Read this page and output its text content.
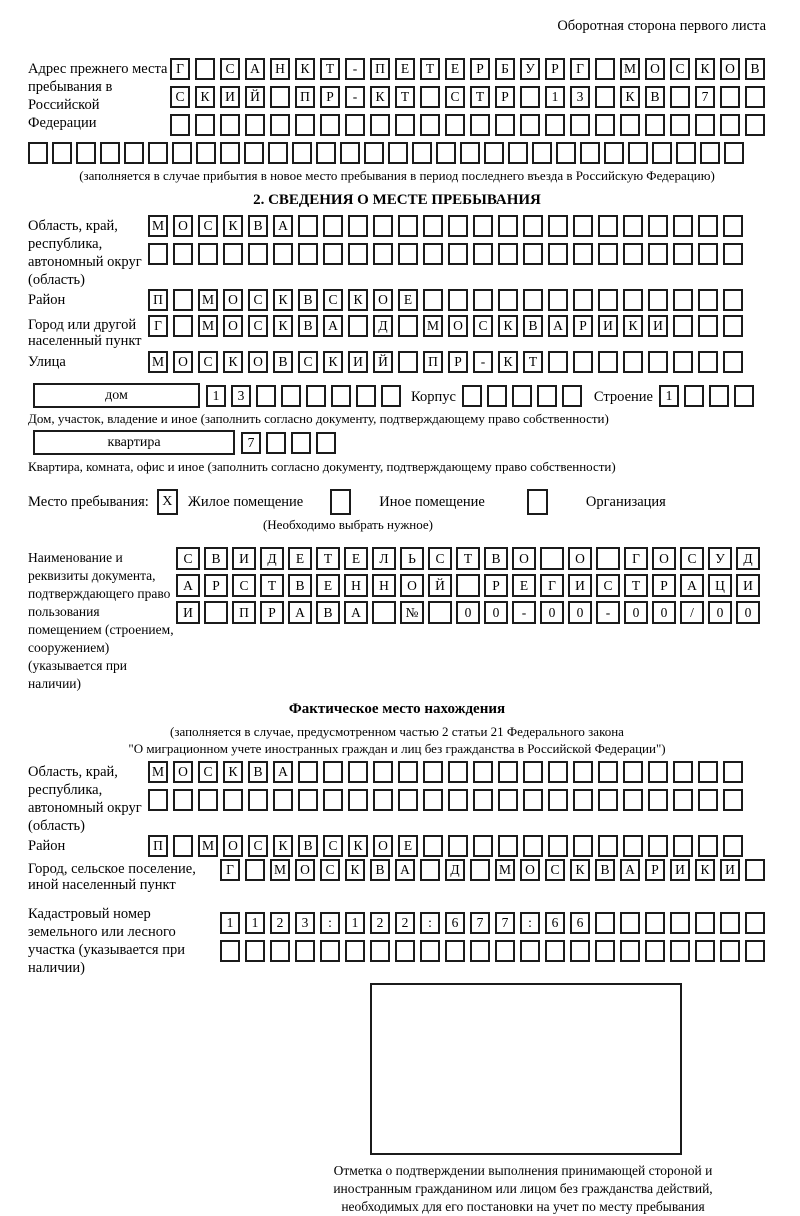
Оборотная сторона первого листа
Адрес прежнего места пребывания в Российской Федерации
Г	С	А	Н	К	Т	-	П	Е	Т	Е	Р	Б	У	Р	Г	М	О	С	К	О	В
С	К	И	Й	П	Р	-	К	Т	С	Т	Р	1	3	К	В	7
(заполняется в случае прибытия в новое место пребывания в период последнего въезда в Российскую Федерацию)
2. СВЕДЕНИЯ О МЕСТЕ ПРЕБЫВАНИЯ
Область, край, республика, автономный округ (область)
М	О	С	К	В	А
Район	П	М	О	С	К	В	С	К	О	Е
Город или другой населенный пункт
Г	М	О	С	К	В	А	Д	М	О	С	К	В	А	Р	И	К	И
Улица	М	О	С	К	О	В	С	К	И	Й	П	Р	-	К	Т
дом	1	3	Корпус	Строение 1
Дом, участок, владение и иное (заполнить согласно документу, подтверждающему право собственности)
квартира	7
Квартира, комната, офис и иное (заполнить согласно документу, подтверждающему право собственности)
Место пребывания: X	Жилое помещение	Иное помещение	Организация
(Необходимо выбрать нужное)
Наименование и реквизиты документа, подтверждающего право пользования помещением (строением, сооружением) (указывается при наличии)
С	В	И	Д	Е	Т	Е	Л	Ь	С	Т	В	О	О	Г	О	С	У	Д
А	Р	С	Т	В	Е	Н	Н	О	Й	Р	Е	Г	И	С	Т	Р	А	Ц	И
И	П	Р	А	В	А	№	0	0	-	0	0	-	0	0	/	0	0
Фактическое место нахождения
(заполняется в случае, предусмотренном частью 2 статьи 21 Федерального закона
"О миграционном учете иностранных граждан и лиц без гражданства в Российской Федерации")
Область, край, республика, автономный округ (область)
М	О	С	К	В	А
Район	П	М	О	С	К	В	С	К	О	Е
Город, сельское поселение, иной населенный пункт
Г	М	О	С	К	В	А	Д	М	О	С	К	В	А	Р	И	К	И
Кадастровый номер земельного или лесного участка (указывается при наличии)
1	1	2	3	:	1	2	2	:	6	7	7	:	6	6
Отметка о подтверждении выполнения принимающей стороной и иностранным гражданином или лицом без гражданства действий, необходимых для его постановки на учет по месту пребывания
